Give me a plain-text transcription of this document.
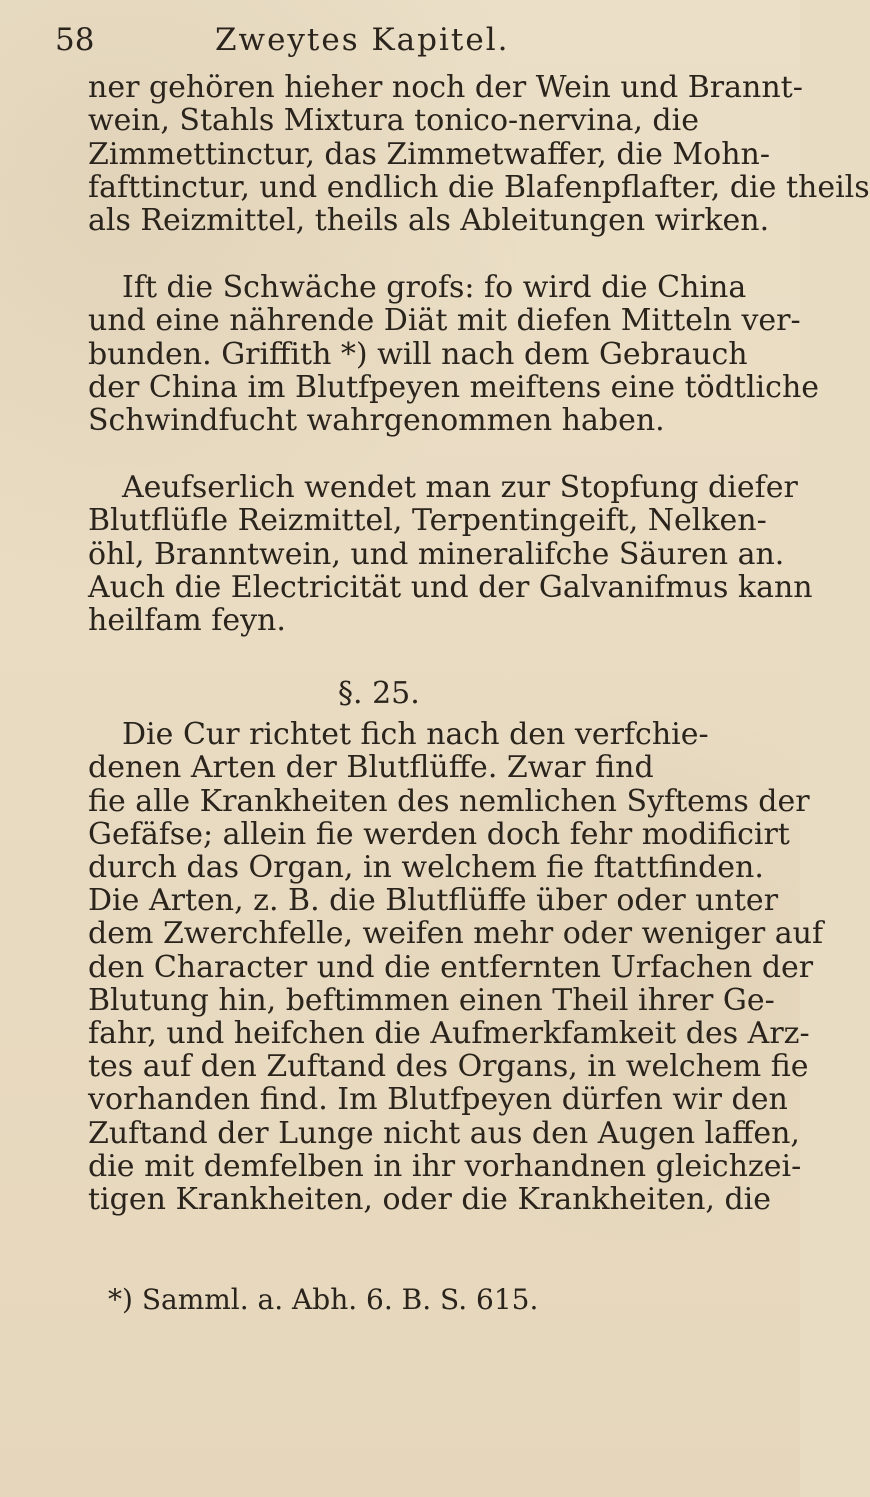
58	Zweytes Kapitel.
ner gehören hieher noch der Wein und Brannt-
wein, Stahls Mixtura tonico-nervina, die
Zimmettinctur, das Zimmetwaffer, die Mohn-
fafttinctur, und endlich die Blafenpflafter, die theils
als Reizmittel, theils als Ableitungen wirken.
Ift die Schwäche grofs: fo wird die China
und eine nährende Diät mit diefen Mitteln ver-
bunden. Griffith *) will nach dem Gebrauch
der China im Blutfpeyen meiftens eine tödtliche
Schwindfucht wahrgenommen haben.
Aeufserlich wendet man zur Stopfung diefer
Blutflüfle Reizmittel, Terpentingeift, Nelken-
öhl, Branntwein, und mineralifche Säuren an.
Auch die Electricität und der Galvanifmus kann
heilfam feyn.
§. 25.
Die Cur richtet fich nach den verfchie-
denen Arten der Blutflüffe. Zwar find
fie alle Krankheiten des nemlichen Syftems der
Gefäfse; allein fie werden doch fehr modificirt
durch das Organ, in welchem fie ftattfinden.
Die Arten, z. B. die Blutflüffe über oder unter
dem Zwerchfelle, weifen mehr oder weniger auf
den Character und die entfernten Urfachen der
Blutung hin, beftimmen einen Theil ihrer Ge-
fahr, und heifchen die Aufmerkfamkeit des Arz-
tes auf den Zuftand des Organs, in welchem fie
vorhanden find. Im Blutfpeyen dürfen wir den
Zuftand der Lunge nicht aus den Augen laffen,
die mit demfelben in ihr vorhandnen gleichzei-
tigen Krankheiten, oder die Krankheiten, die
*) Samml. a. Abh. 6. B. S. 615.
